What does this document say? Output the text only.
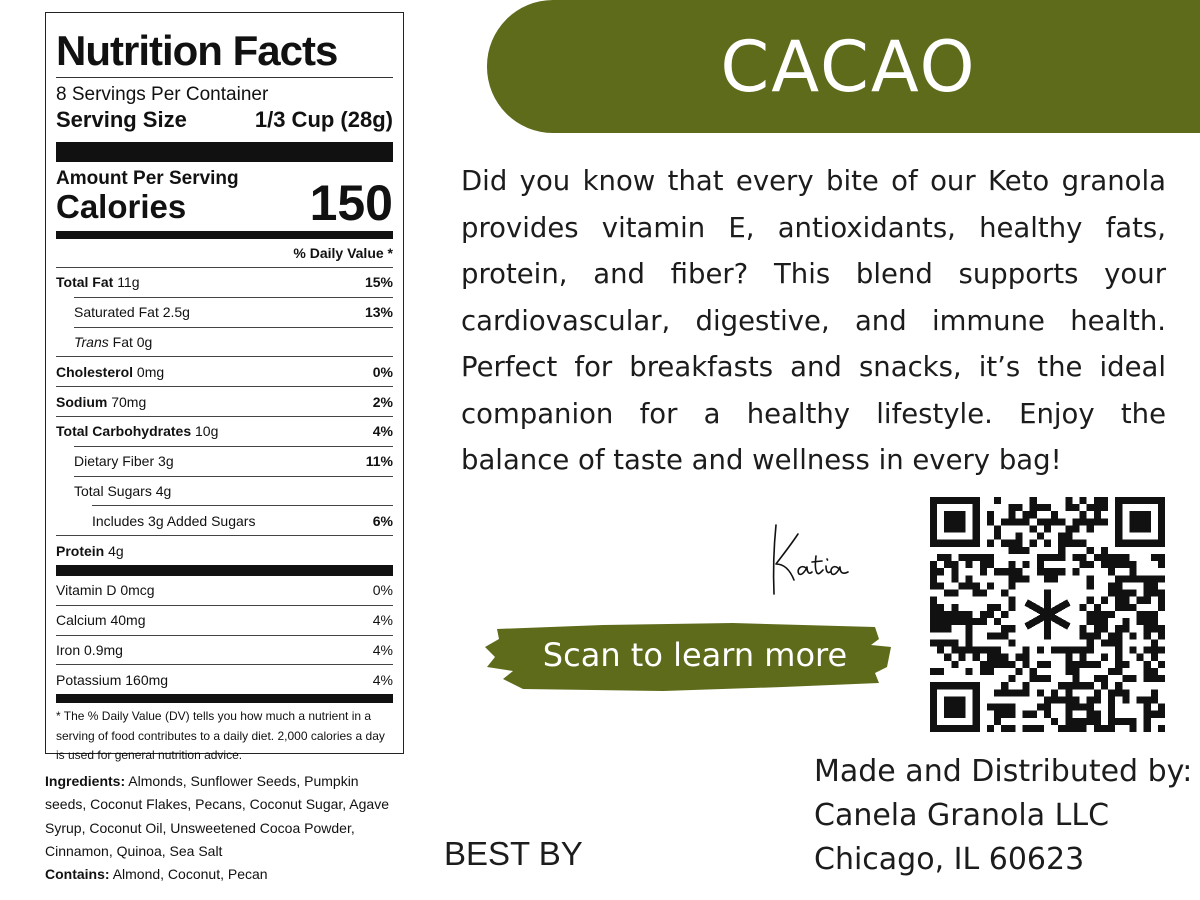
Nutrition Facts
8 Servings Per Container
Serving Size	1/3 Cup (28g)
Amount Per Serving
Calories 150
% Daily Value *
Total Fat 11g	15%
Saturated Fat 2.5g	13%
Trans Fat 0g
Cholesterol 0mg	0%
Sodium 70mg	2%
Total Carbohydrates 10g	4%
Dietary Fiber 3g	11%
Total Sugars 4g
Includes 3g Added Sugars	6%
Protein 4g
Vitamin D 0mcg	0%
Calcium 40mg	4%
Iron 0.9mg	4%
Potassium 160mg	4%
* The % Daily Value (DV) tells you how much a nutrient in a serving of food contributes to a daily diet. 2,000 calories a day is used for general nutrition advice.
Ingredients: Almonds, Sunflower Seeds, Pumpkin seeds, Coconut Flakes, Pecans, Coconut Sugar, Agave Syrup, Coconut Oil, Unsweetened Cocoa Powder, Cinnamon, Quinoa, Sea Salt
Contains: Almond, Coconut, Pecan
CACAO
Did you know that every bite of our Keto granola provides vitamin E, antioxidants, healthy fats, protein, and fiber? This blend supports your cardiovascular, digestive, and immune health. Perfect for breakfasts and snacks, it’s the ideal companion for a healthy lifestyle. Enjoy the balance of taste and wellness in every bag!
Scan to learn more
Made and Distributed by:
Canela Granola LLC
Chicago, IL 60623
BEST BY
